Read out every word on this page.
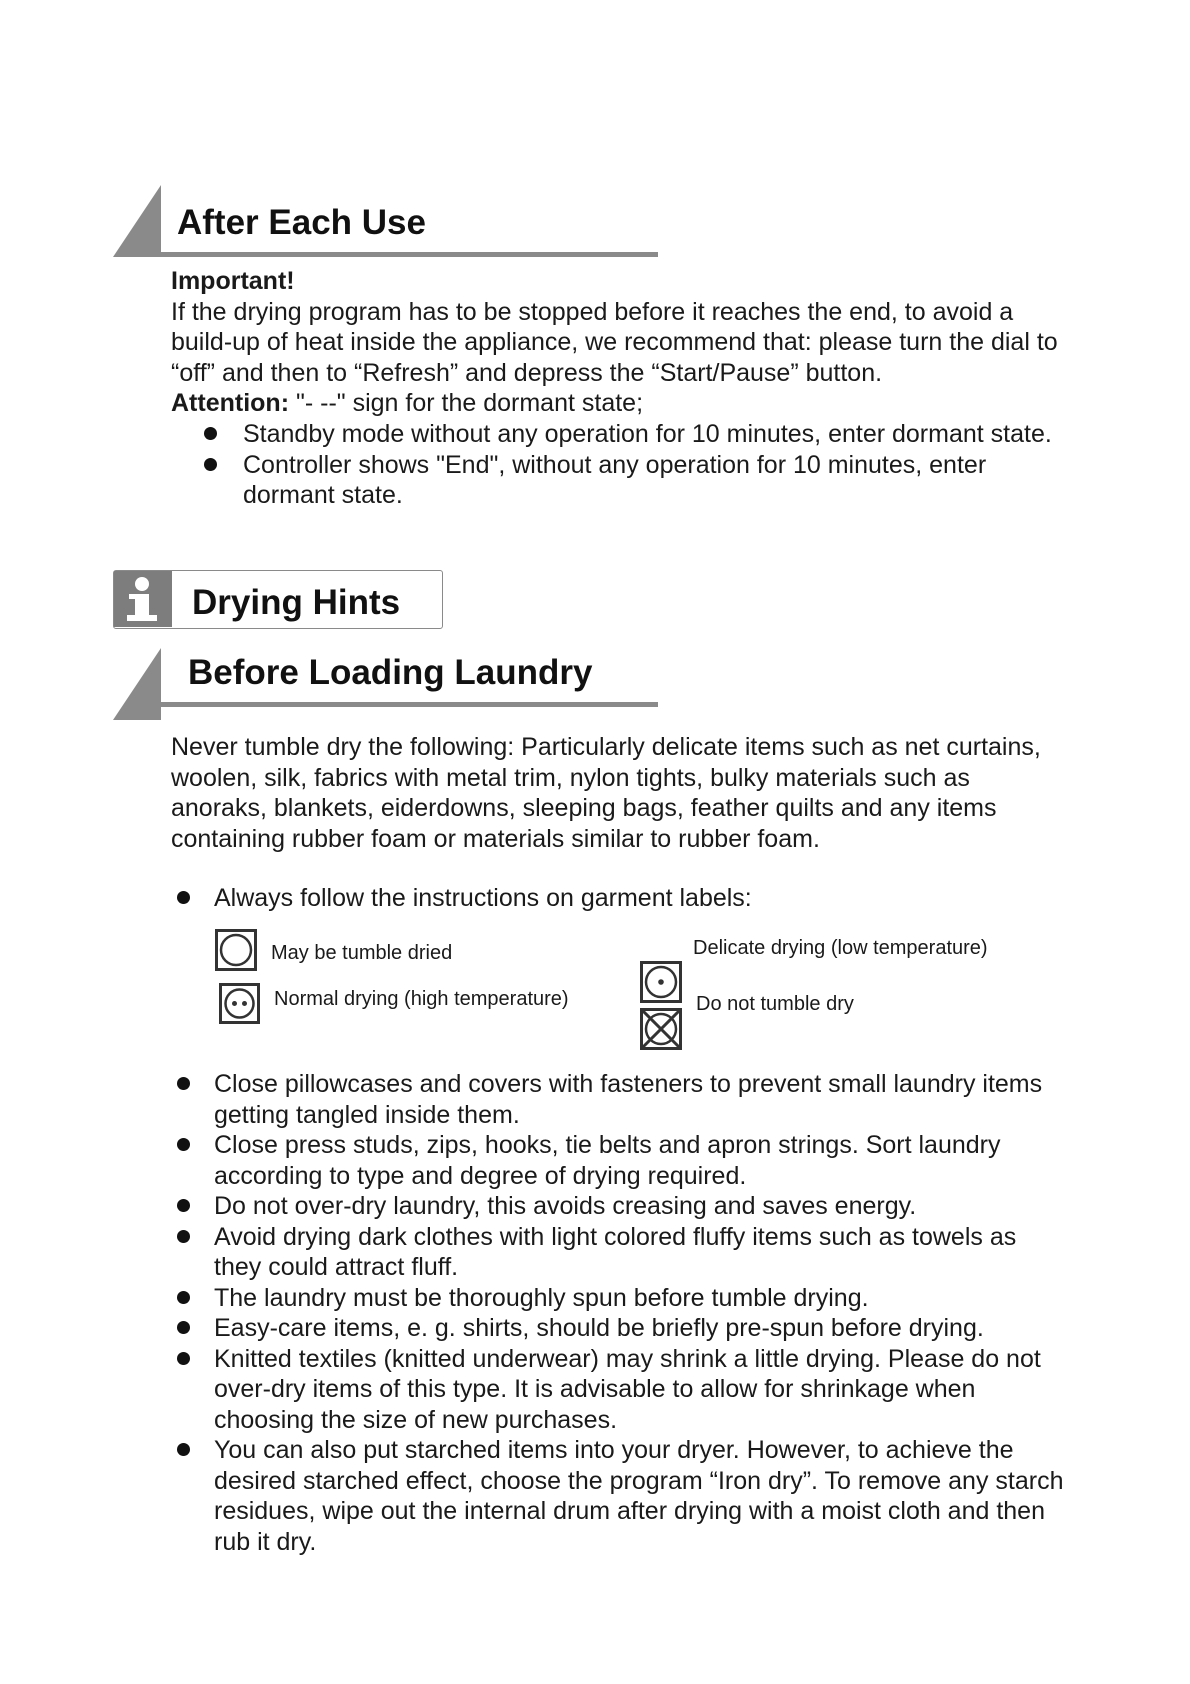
After Each Use

Important!

If the drying program has to be stopped before it reaches the end, to avoid a

build-up of heat inside the appliance, we recommend that: please turn the dial to

“off” and then to “Refresh” and depress the “Start/Pause” button.

Attention: "- --" sign for the dormant state;

Standby mode without any operation for 10 minutes, enter dormant state.
Controller shows "End", without any operation for 10 minutes, enter
dormant state.
Drying Hints
Before Loading Laundry

Never tumble dry the following: Particularly delicate items such as net curtains,

woolen, silk, fabrics with metal trim, nylon tights, bulky materials such as

anoraks, blankets, eiderdowns, sleeping bags, feather quilts and any items

containing rubber foam or materials similar to rubber foam.

Always follow the instructions on garment labels:
May be tumble dried
Normal drying (high temperature)
Delicate drying (low temperature)
Do not tumble dry
Close pillowcases and covers with fasteners to prevent small laundry items
getting tangled inside them.
Close press studs, zips, hooks, tie belts and apron strings. Sort laundry
according to type and degree of drying required.
Do not over-dry laundry, this avoids creasing and saves energy.
Avoid drying dark clothes with light colored fluffy items such as towels as
they could attract fluff.
The laundry must be thoroughly spun before tumble drying.
Easy-care items, e. g. shirts, should be briefly pre-spun before drying.
Knitted textiles (knitted underwear) may shrink a little drying. Please do not
over-dry items of this type. It is advisable to allow for shrinkage when
choosing the size of new purchases.
You can also put starched items into your dryer. However, to achieve the
desired starched effect, choose the program “Iron dry”. To remove any starch
residues, wipe out the internal drum after drying with a moist cloth and then
rub it dry.
